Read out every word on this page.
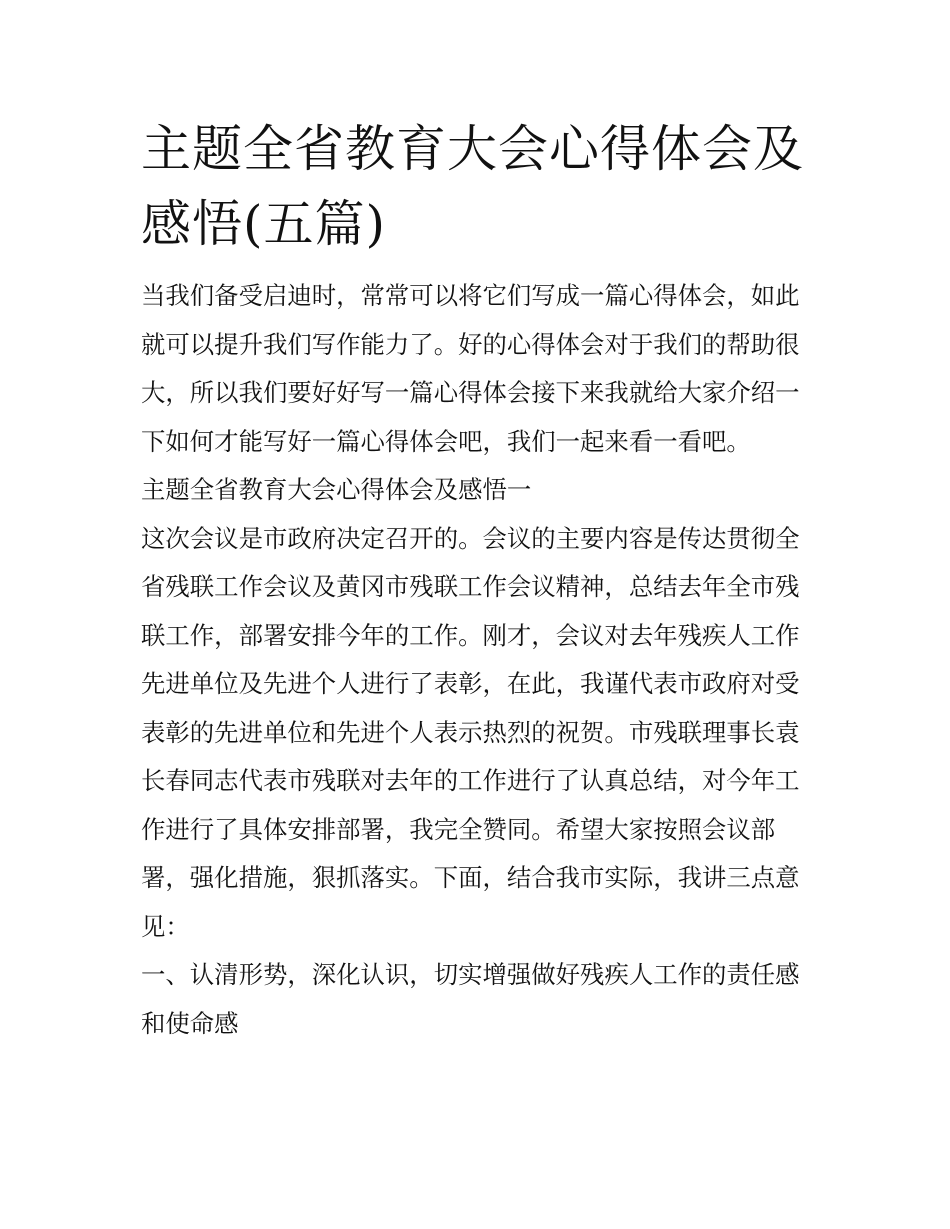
主题全省教育大会心得体会及
感悟(五篇)
当我们备受启迪时，常常可以将它们写成一篇心得体会，如此
就可以提升我们写作能力了。好的心得体会对于我们的帮助很
大，所以我们要好好写一篇心得体会接下来我就给大家介绍一
下如何才能写好一篇心得体会吧，我们一起来看一看吧。
主题全省教育大会心得体会及感悟一
这次会议是市政府决定召开的。会议的主要内容是传达贯彻全
省残联工作会议及黄冈市残联工作会议精神，总结去年全市残
联工作，部署安排今年的工作。刚才，会议对去年残疾人工作
先进单位及先进个人进行了表彰，在此，我谨代表市政府对受
表彰的先进单位和先进个人表示热烈的祝贺。市残联理事长袁
长春同志代表市残联对去年的工作进行了认真总结，对今年工
作进行了具体安排部署，我完全赞同。希望大家按照会议部
署，强化措施，狠抓落实。下面，结合我市实际，我讲三点意
见：
一、认清形势，深化认识，切实增强做好残疾人工作的责任感
和使命感
